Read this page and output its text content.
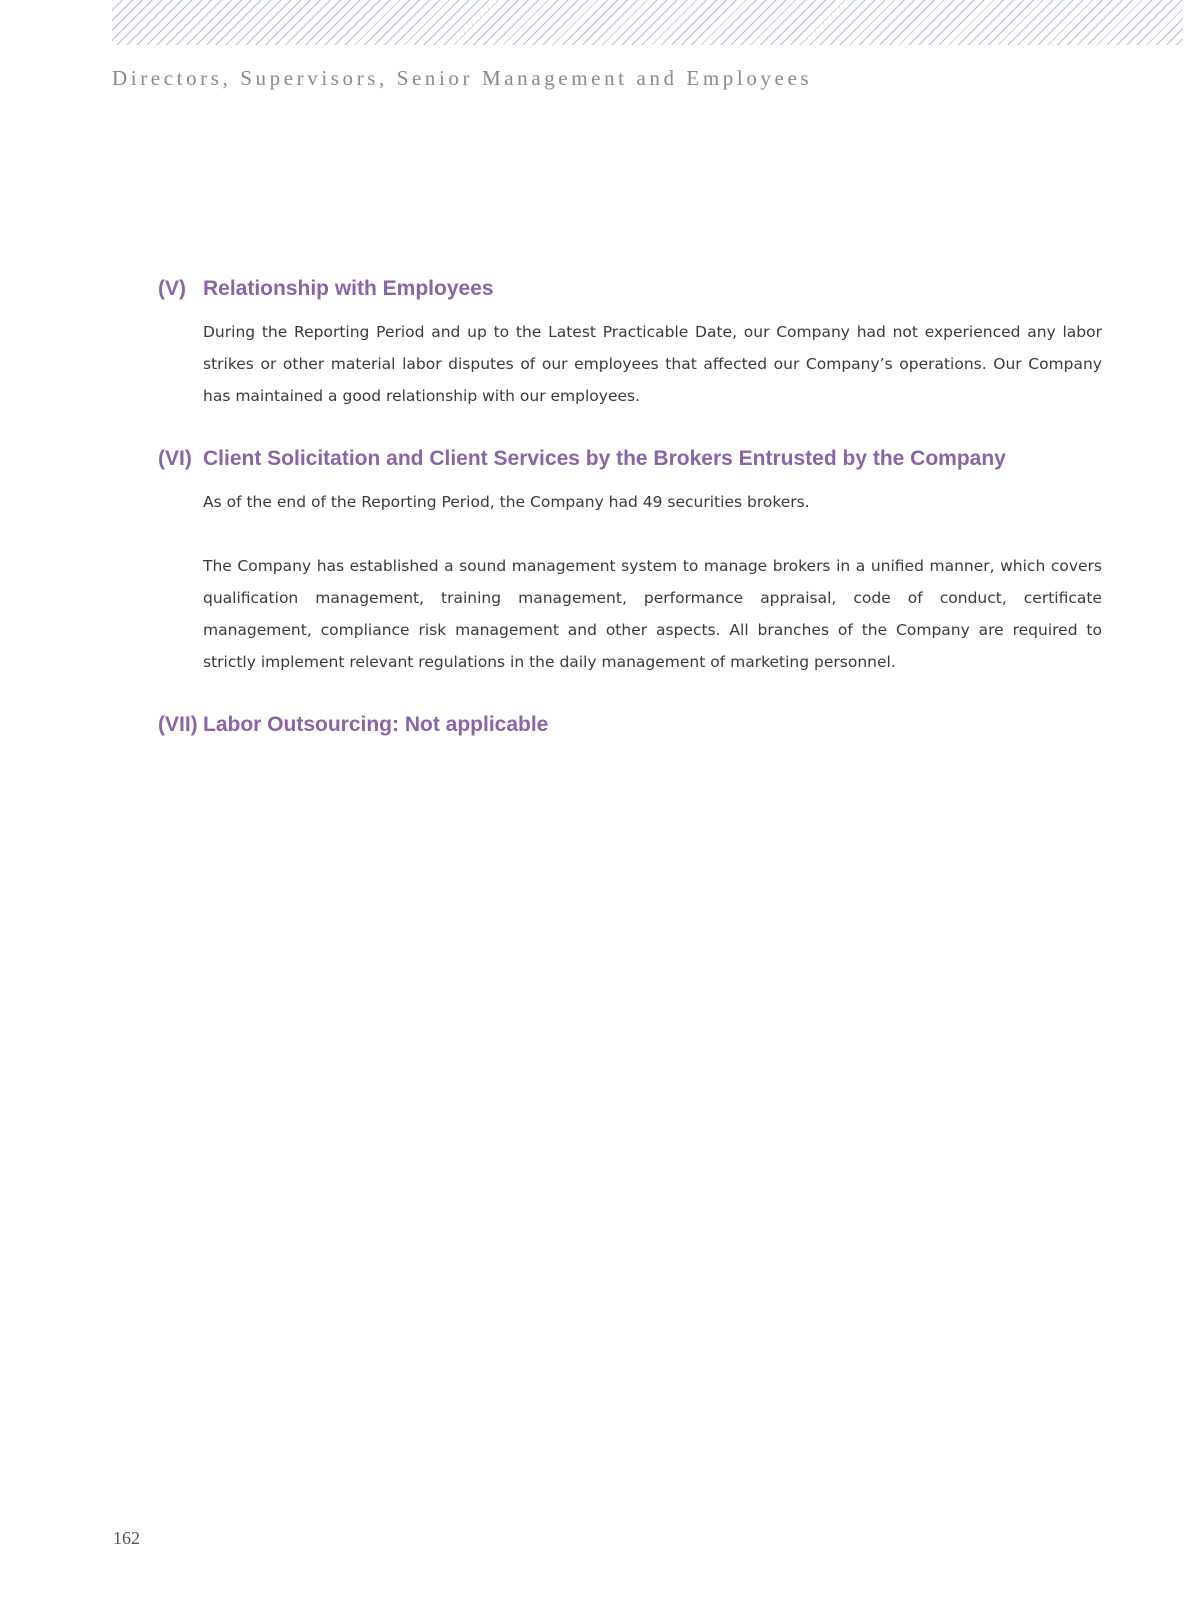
Directors, Supervisors, Senior Management and Employees
(V) Relationship with Employees

During the Reporting Period and up to the Latest Practicable Date, our Company had not experienced any labor strikes or other material labor disputes of our employees that affected our Company’s operations. Our Company has maintained a good relationship with our employees.

(VI) Client Solicitation and Client Services by the Brokers Entrusted by the Company

As of the end of the Reporting Period, the Company had 49 securities brokers.

The Company has established a sound management system to manage brokers in a unified manner, which covers qualification management, training management, performance appraisal, code of conduct, certificate management, compliance risk management and other aspects. All branches of the Company are required to strictly implement relevant regulations in the daily management of marketing personnel.

(VII) Labor Outsourcing: Not applicable

162
